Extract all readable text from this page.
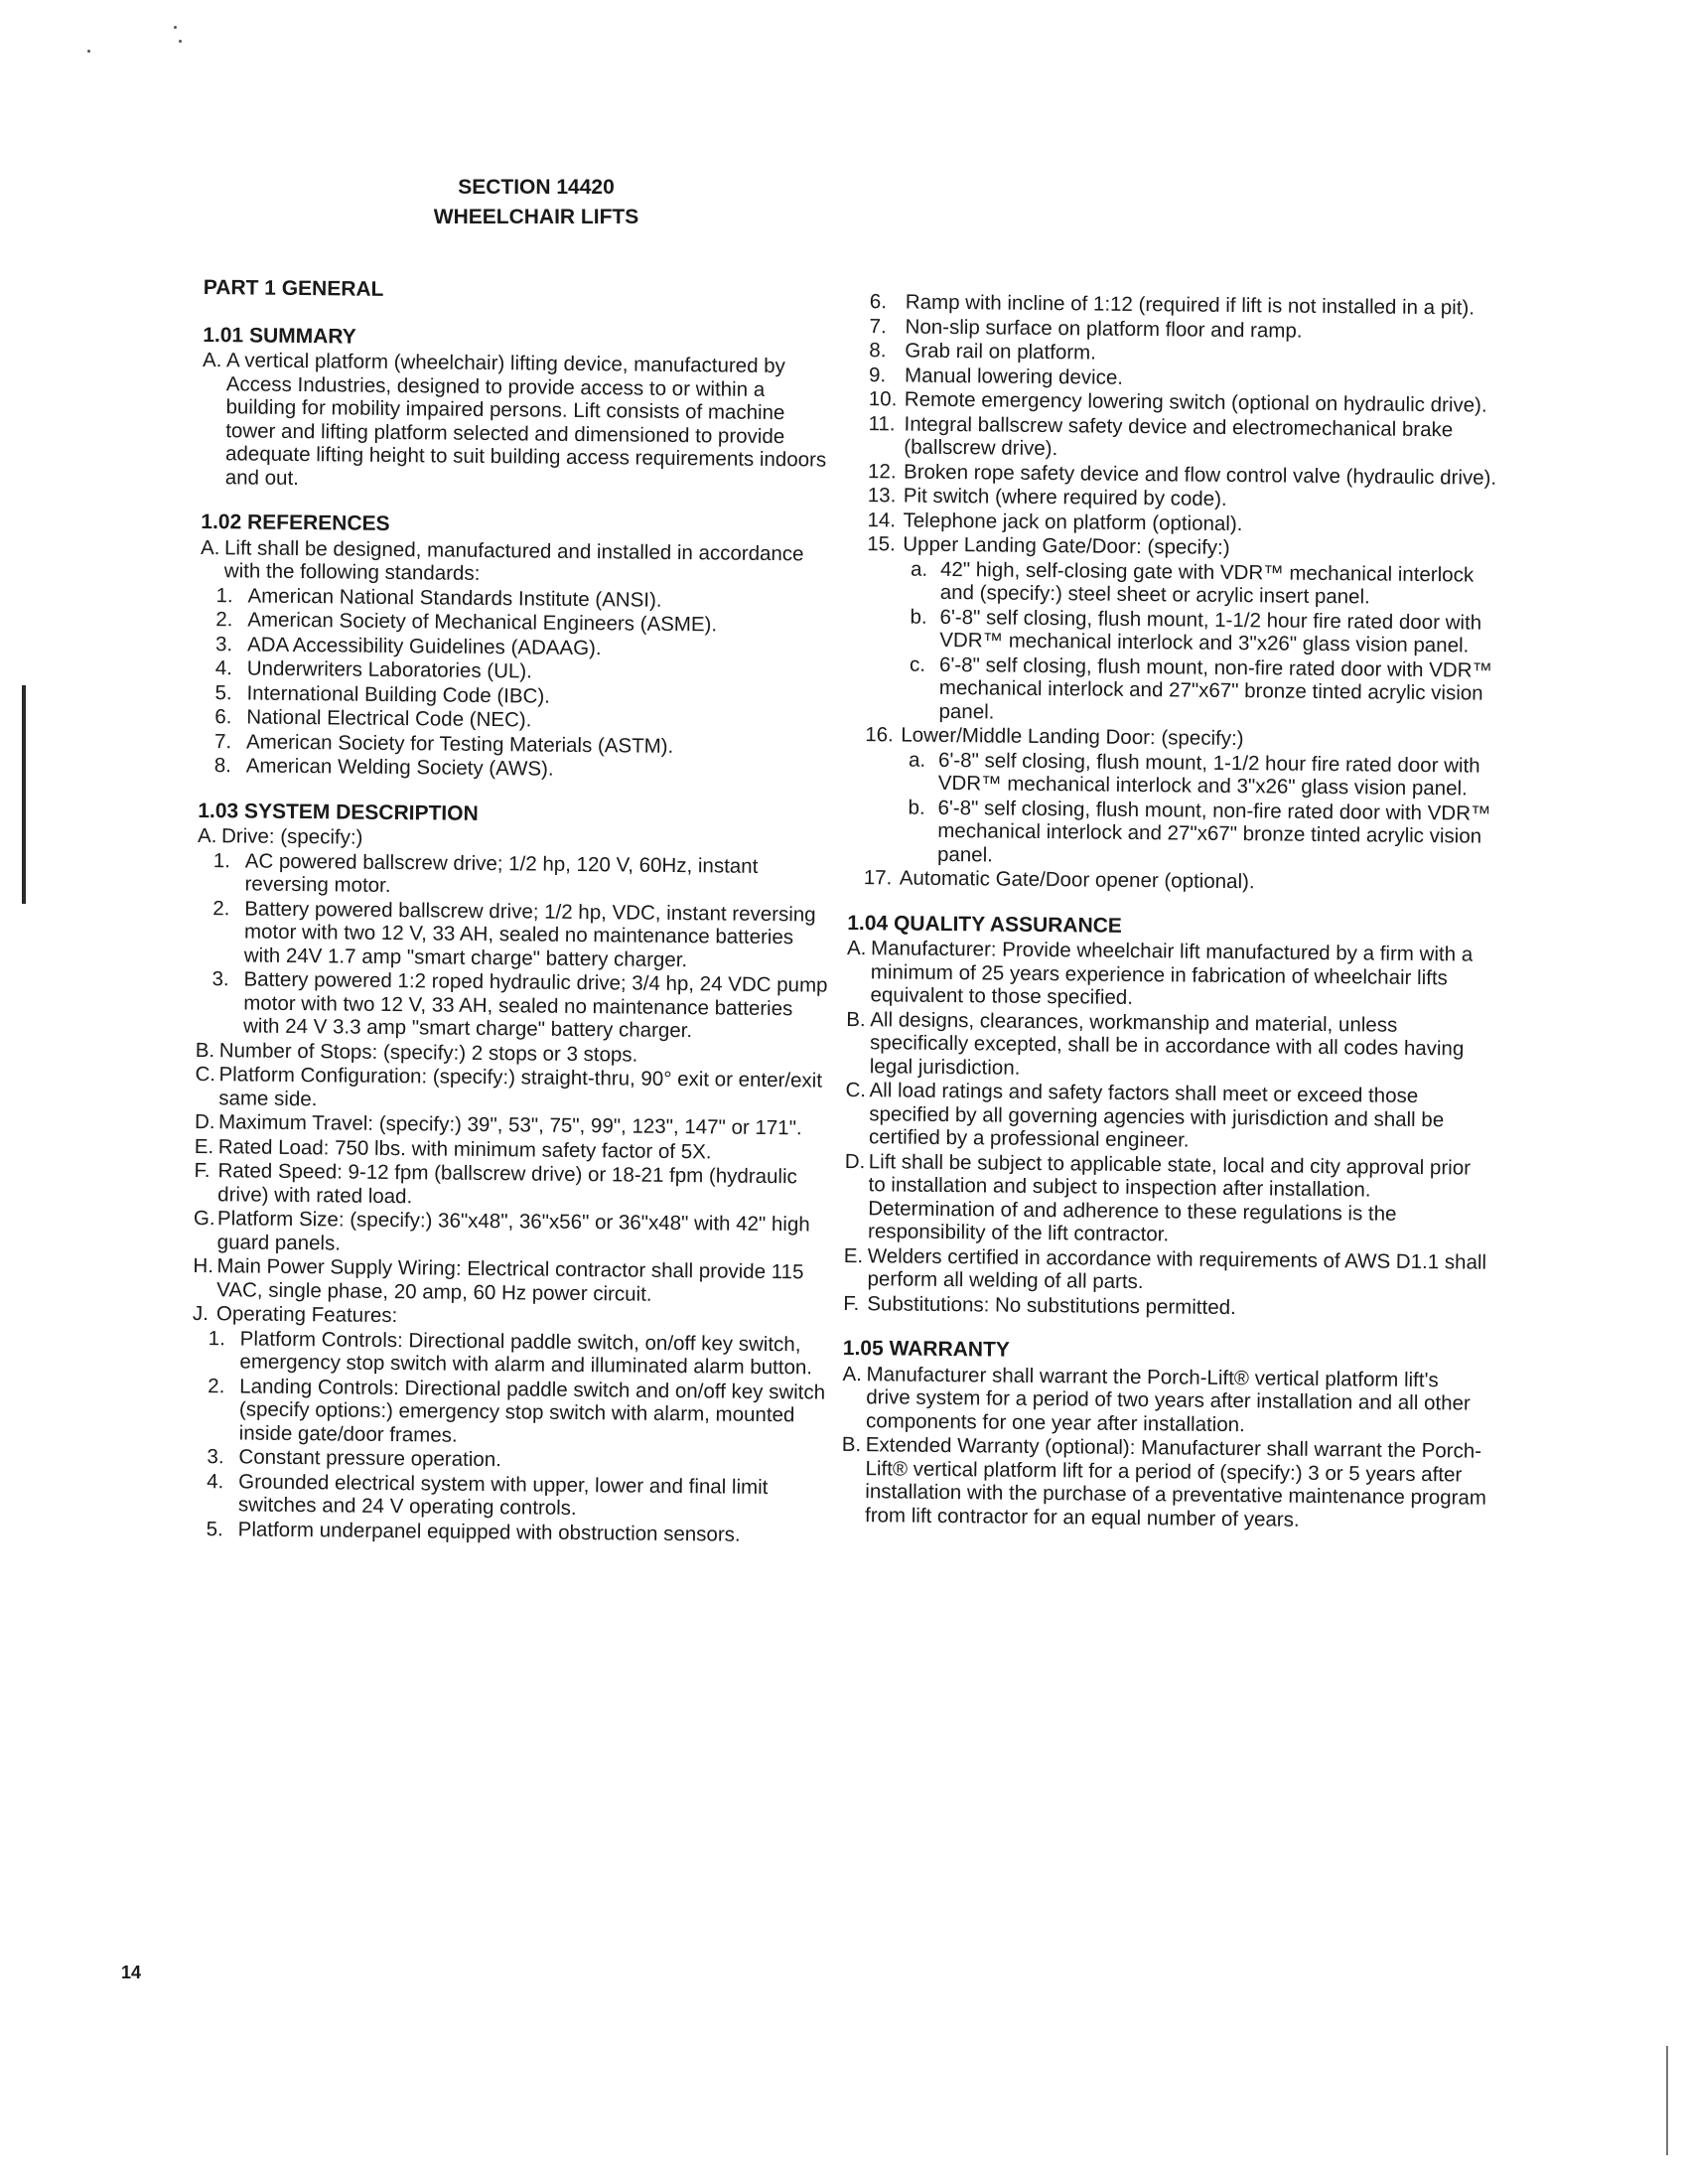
SECTION 14420
WHEELCHAIR LIFTS
PART 1 GENERAL
1.01 SUMMARY
A. A vertical platform (wheelchair) lifting device, manufactured by Access Industries, designed to provide access to or within a building for mobility impaired persons. Lift consists of machine tower and lifting platform selected and dimensioned to provide adequate lifting height to suit building access requirements indoors and out.
1.02 REFERENCES
A. Lift shall be designed, manufactured and installed in accordance with the following standards:
1. American National Standards Institute (ANSI).
2. American Society of Mechanical Engineers (ASME).
3. ADA Accessibility Guidelines (ADAAG).
4. Underwriters Laboratories (UL).
5. International Building Code (IBC).
6. National Electrical Code (NEC).
7. American Society for Testing Materials (ASTM).
8. American Welding Society (AWS).
1.03 SYSTEM DESCRIPTION
A. Drive: (specify:)
1. AC powered ballscrew drive; 1/2 hp, 120 V, 60Hz, instant reversing motor.
2. Battery powered ballscrew drive; 1/2 hp, VDC, instant reversing motor with two 12 V, 33 AH, sealed no maintenance batteries with 24V 1.7 amp "smart charge" battery charger.
3. Battery powered 1:2 roped hydraulic drive; 3/4 hp, 24 VDC pump motor with two 12 V, 33 AH, sealed no maintenance batteries with 24 V 3.3 amp "smart charge" battery charger.
B. Number of Stops: (specify:) 2 stops or 3 stops.
C. Platform Configuration: (specify:) straight-thru, 90° exit or enter/exit same side.
D. Maximum Travel: (specify:) 39", 53", 75", 99", 123", 147" or 171".
E. Rated Load: 750 lbs. with minimum safety factor of 5X.
F. Rated Speed: 9-12 fpm (ballscrew drive) or 18-21 fpm (hydraulic drive) with rated load.
G. Platform Size: (specify:) 36"x48", 36"x56" or 36"x48" with 42" high guard panels.
H. Main Power Supply Wiring: Electrical contractor shall provide 115 VAC, single phase, 20 amp, 60 Hz power circuit.
J. Operating Features:
1. Platform Controls: Directional paddle switch, on/off key switch, emergency stop switch with alarm and illuminated alarm button.
2. Landing Controls: Directional paddle switch and on/off key switch (specify options:) emergency stop switch with alarm, mounted inside gate/door frames.
3. Constant pressure operation.
4. Grounded electrical system with upper, lower and final limit switches and 24 V operating controls.
5. Platform underpanel equipped with obstruction sensors.
6. Ramp with incline of 1:12 (required if lift is not installed in a pit).
7. Non-slip surface on platform floor and ramp.
8. Grab rail on platform.
9. Manual lowering device.
10. Remote emergency lowering switch (optional on hydraulic drive).
11. Integral ballscrew safety device and electromechanical brake (ballscrew drive).
12. Broken rope safety device and flow control valve (hydraulic drive).
13. Pit switch (where required by code).
14. Telephone jack on platform (optional).
15. Upper Landing Gate/Door: (specify:)
a. 42" high, self-closing gate with VDR™ mechanical interlock and (specify:) steel sheet or acrylic insert panel.
b. 6'-8" self closing, flush mount, 1-1/2 hour fire rated door with VDR™ mechanical interlock and 3"x26" glass vision panel.
c. 6'-8" self closing, flush mount, non-fire rated door with VDR™ mechanical interlock and 27"x67" bronze tinted acrylic vision panel.
16. Lower/Middle Landing Door: (specify:)
a. 6'-8" self closing, flush mount, 1-1/2 hour fire rated door with VDR™ mechanical interlock and 3"x26" glass vision panel.
b. 6'-8" self closing, flush mount, non-fire rated door with VDR™ mechanical interlock and 27"x67" bronze tinted acrylic vision panel.
17. Automatic Gate/Door opener (optional).
1.04 QUALITY ASSURANCE
A. Manufacturer: Provide wheelchair lift manufactured by a firm with a minimum of 25 years experience in fabrication of wheelchair lifts equivalent to those specified.
B. All designs, clearances, workmanship and material, unless specifically excepted, shall be in accordance with all codes having legal jurisdiction.
C. All load ratings and safety factors shall meet or exceed those specified by all governing agencies with jurisdiction and shall be certified by a professional engineer.
D. Lift shall be subject to applicable state, local and city approval prior to installation and subject to inspection after installation. Determination of and adherence to these regulations is the responsibility of the lift contractor.
E. Welders certified in accordance with requirements of AWS D1.1 shall perform all welding of all parts.
F. Substitutions: No substitutions permitted.
1.05 WARRANTY
A. Manufacturer shall warrant the Porch-Lift® vertical platform lift's drive system for a period of two years after installation and all other components for one year after installation.
B. Extended Warranty (optional): Manufacturer shall warrant the Porch-Lift® vertical platform lift for a period of (specify:) 3 or 5 years after installation with the purchase of a preventative maintenance program from lift contractor for an equal number of years.
14
